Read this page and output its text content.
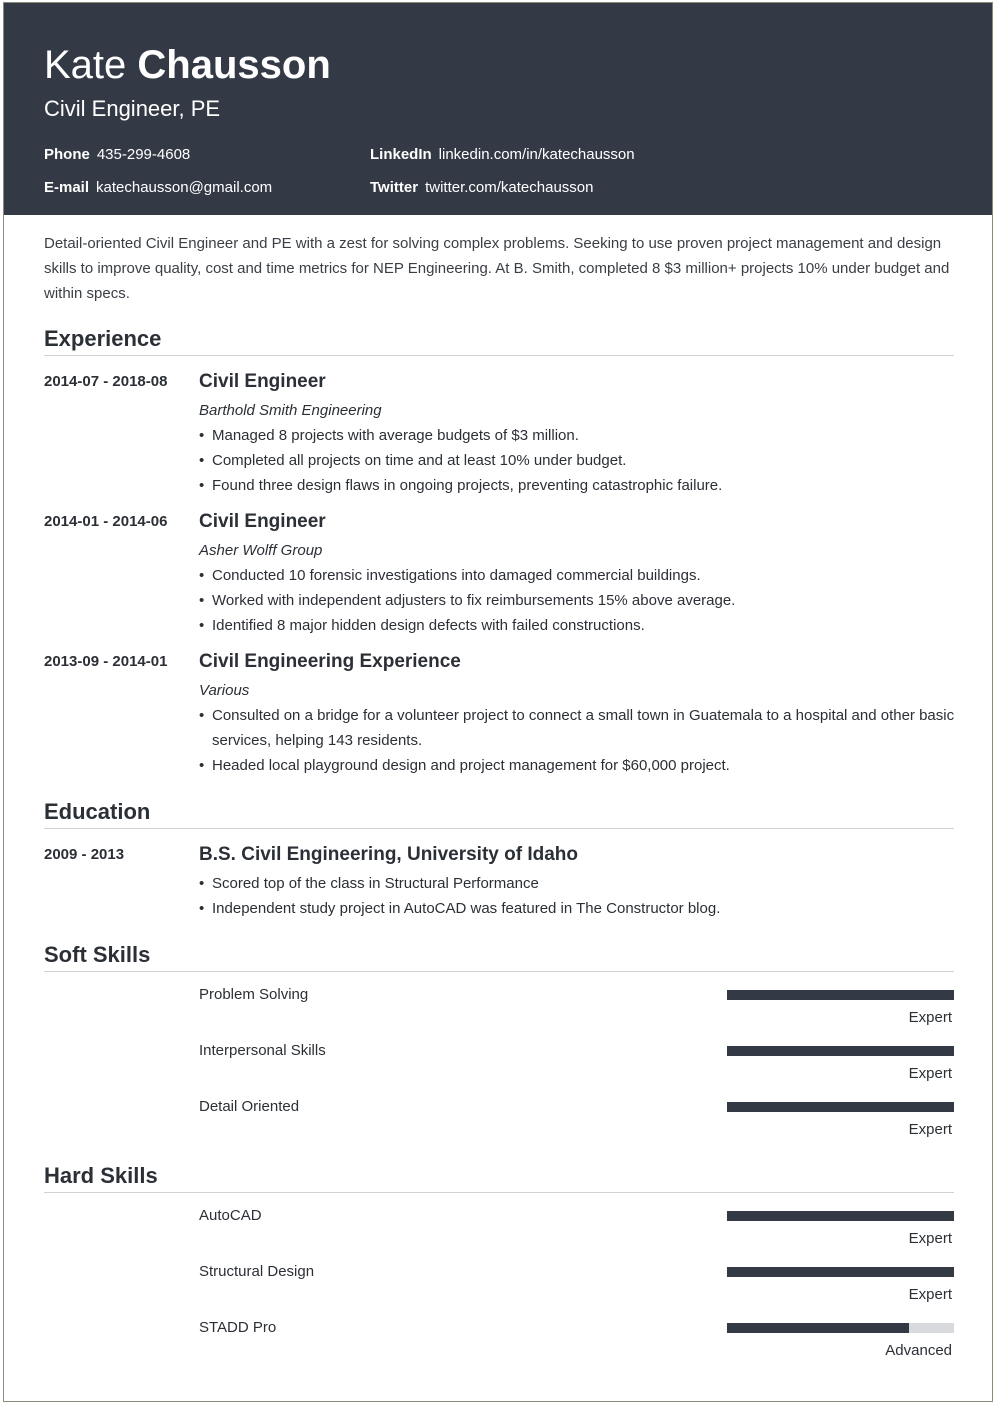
Kate Chausson
Civil Engineer, PE
Phone 435-299-4608	LinkedIn linkedin.com/in/katechausson
E-mail katechausson@gmail.com	Twitter twitter.com/katechausson
Detail-oriented Civil Engineer and PE with a zest for solving complex problems. Seeking to use proven project management and design skills to improve quality, cost and time metrics for NEP Engineering. At B. Smith, completed 8 $3 million+ projects 10% under budget and within specs.
Experience
2014-07 - 2018-08 Civil Engineer
Barthold Smith Engineering
• Managed 8 projects with average budgets of $3 million.
• Completed all projects on time and at least 10% under budget.
• Found three design flaws in ongoing projects, preventing catastrophic failure.
2014-01 - 2014-06 Civil Engineer
Asher Wolff Group
• Conducted 10 forensic investigations into damaged commercial buildings.
• Worked with independent adjusters to fix reimbursements 15% above average.
• Identified 8 major hidden design defects with failed constructions.
2013-09 - 2014-01 Civil Engineering Experience
Various
• Consulted on a bridge for a volunteer project to connect a small town in Guatemala to a hospital and other basic services, helping 143 residents.
• Headed local playground design and project management for $60,000 project.
Education
2009 - 2013	B.S. Civil Engineering, University of Idaho
• Scored top of the class in Structural Performance
• Independent study project in AutoCAD was featured in The Constructor blog.
Soft Skills
Problem Solving
Expert
Interpersonal Skills
Expert
Detail Oriented
Expert
Hard Skills
AutoCAD
Expert
Structural Design
Expert
STADD Pro
Advanced
